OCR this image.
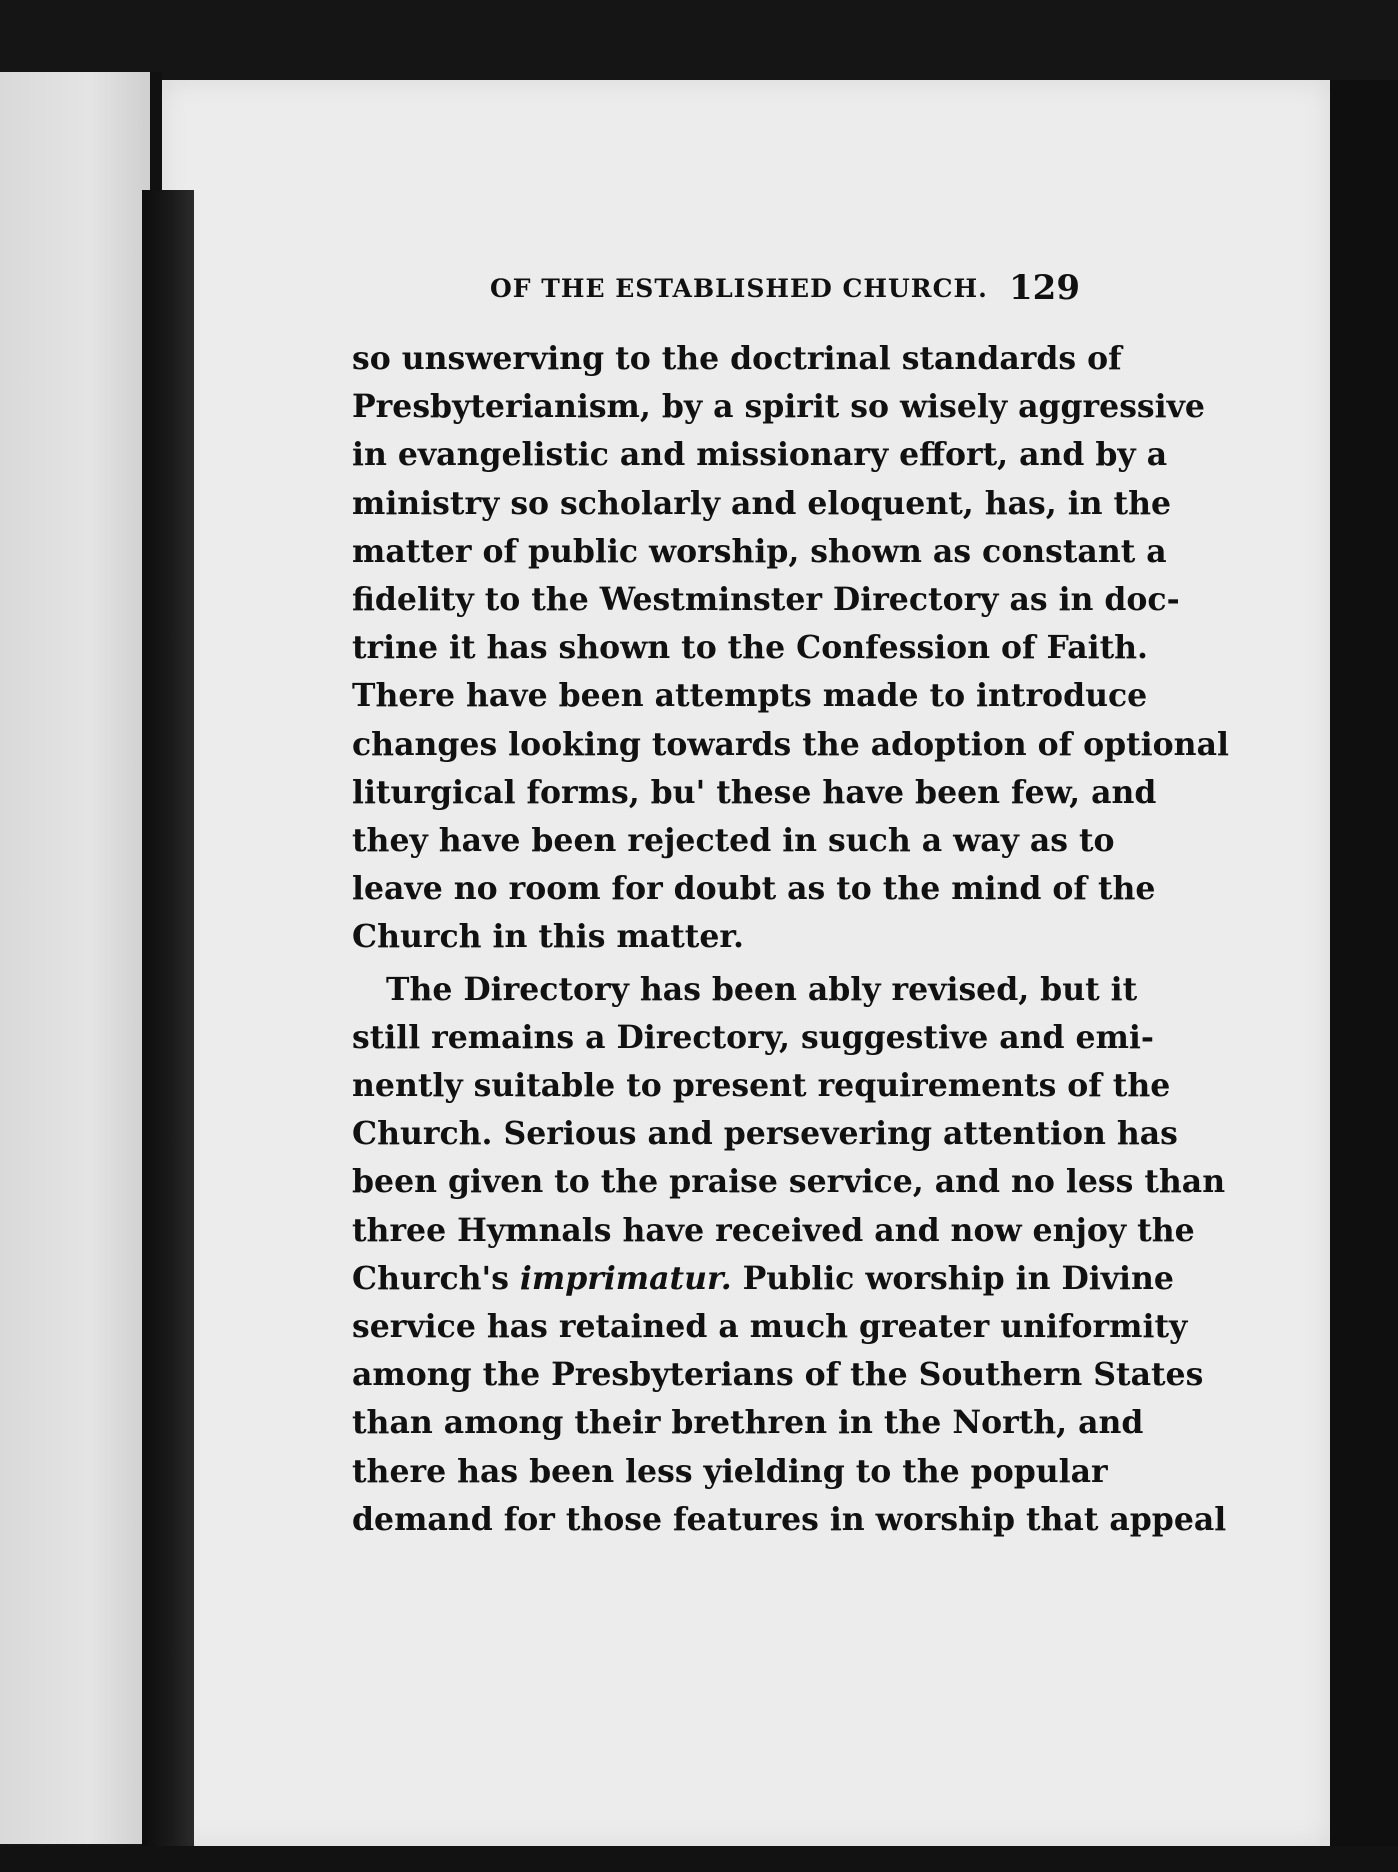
OF THE ESTABLISHED CHURCH. 129
so unswerving to the doctrinal standards of
Presbyterianism, by a spirit so wisely aggressive
in evangelistic and missionary effort, and by a
ministry so scholarly and eloquent, has, in the
matter of public worship, shown as constant a
fidelity to the Westminster Directory as in doc-
trine it has shown to the Confession of Faith.
There have been attempts made to introduce
changes looking towards the adoption of optional
liturgical forms, bu' these have been few, and
they have been rejected in such a way as to
leave no room for doubt as to the mind of the
Church in this matter.
The Directory has been ably revised, but it
still remains a Directory, suggestive and emi-
nently suitable to present requirements of the
Church. Serious and persevering attention has
been given to the praise service, and no less than
three Hymnals have received and now enjoy the
Church's imprimatur. Public worship in Divine
service has retained a much greater uniformity
among the Presbyterians of the Southern States
than among their brethren in the North, and
there has been less yielding to the popular
demand for those features in worship that appeal
